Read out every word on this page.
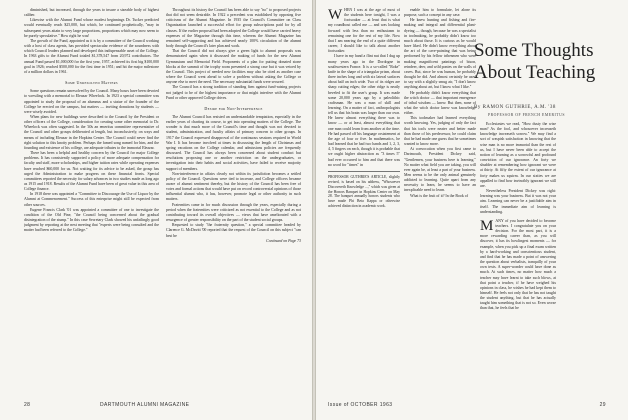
diminished, but increased, through the years to insure a sizeable body of highest caliber.

Likewise with the Alumni Fund whose modest beginnings Dr. Tucker predicted would eventually reach $25,000, but which, he continued prophetically, "may in subsequent years attain to very large proportions, proportions which may now seem to be purely speculative." How right he was!

The growth of the Fund, appointed as it is by a committee of the Council working with a host of class agents, has provided spectacular evidence of the soundness with which Council leaders planned and developed this indispensable asset of the College. In 1963 gifts to the Alumni Fund totaled $1,378,547 from 20,972 contributors. The annual Fund passed $1,000,000 for the first year, 1957, achieved its first big $100,000 goal in 1926; reached $500,000 for the first time in 1951; and hit the major milestone of a million dollars in 1961.

Some Unresolved Matters

Some questions remain unresolved by the Council. Many hours have been devoted to wrestling with a memorial to Eleazar Wheelock. In 1923 a special committee was appointed to study the proposal of an alumnus and a statue of the founder of the College be erected on the campus, but matters — inviting donations by students — were wisely avoided.

When plans for new buildings were described to the Council by the President or other officers of the College, consideration for creating some other memorial to Dr. Wheelock was often suggested. In the '40s an emeritus committee representative of the Council and other groups deliberated at length, but inconclusively, on ways and means of including Eleazar in the Hopkins Center. The Council could never find the right solution to this knotty problem. Perhaps the famed song named for him, and the founding and existence of his college, are adequate tributes to the immortal Eleazar.

There has been a helpful and healthy concern by the Council for major College problems. It has consistently supported a policy of more adequate compensation for faculty and staff, more scholarships, and higher tuition rates while operating expenses have reached $60,000 for us. Not waiting for its advice to be asked, the group has urged the Administration to make progress on these financial fronts. Special committees reported the necessity for salary advances in two studies made as long ago as 1915 and 1918. Results of the Alumni Fund have been of great value in this area of College finance.

In 1918 there was appointed a "Committee to Discourage the Use of Liquor by the Alumni at Commencement." Success of this enterprise might still be expected from other sources.

Eugene Francis Clark '01 was appointed a committee of one to investigate the condition of the Old Pine, "the Council being concerned about the gradual disintegration of the stump." In this case Secretary Clark showed his unfailingly good judgment by reporting at the next meeting that "experts were being consulted and the matter had been referred to the College."

Throughout its history the Council has been able to say "no" to proposed projects that did not seem desirable. In 1922 a precedent was established by opposing five criticisms of the Alumni Magazine. In 1935 the Council's Committee on Class Organization launched a successful effort for group subscriptions paid for by all classes. If the earlier proposal had been adopted the College would have carried heavy expenses of the Magazine through this time, whereas the Alumni Magazine has remained self-supporting and has achieved nearly 100% circulation of the alumni body through the Council's later plan and work.

That the Council did not always give a green light to alumni proposals was demonstrated again when it discussed the making of funds for the new Alumni Gymnasium and Memorial Field. Proponents of a plan for putting donated stone blocks at the summit of the trophy room presented a strong case but it was vetoed by the Council. This project of needed new facilities may also be cited as another case where the Council went ahead to solve a problem without asking the College or anyone else to meet the need. The necessary substantial funds were secured.

The Council has a strong tradition of standing firm against fund-raising projects not judged to be of the highest importance or that might interfere with the Alumni Fund or other approved College drives.

Desire for Non-Interference

The Alumni Council has resisted an understandable temptation, especially in the earlier years of charting its course, to get into operating matters of the College. The wonder is that much more of the Council's time and thought was not devoted to student, administration, and faculty affairs of primary concern to other groups. In 1917 the Council expressed disapproval of the continuous sessions required in World War I. It has become involved at times in discussing the length of Christmas and spring vacations on the College calendar, and admissions policies are frequently discussed. The Council has always been concerned about student conduct but resolutions proposing one or another restriction on the undergraduates, or investigation into their habits and social activities, have failed to receive majority support of members.

Non-interference in affairs clearly not within its jurisdiction becomes a settled policy of the Council. Questions were tied to increase, and College officers became aware of alumni sentiment thereby, but the history of the Council has been free of votes and formal actions that would have put on record controversial opinions of those influential alumni who, it has, however, promote legal or other authority in such matters.

Fraternities came in for much discussion through the years, especially during a period when the fraternities were criticized as not essential to the College and as not contributing toward its overall objectives — views that have ameliorated with a resurgence of greater responsibility on the part of the student social groups.

Requested to study "the fraternity question," a special committee headed by Clarence G. McDavitt '00 reported that the request of the Council on this subject "can best be

Continued on Page 73

28	DARTMOUTH ALUMNI MAGAZINE

WHEN I was at the age of most of the students here tonight, I was a footsoaker — at least that is what my roundhout called me — and was looking forward with less than no enthusiasm to remaining one for the rest of my life. Now that I am nearing the end of a quite different career, I should like to talk about another footsoaker.

I have in my hand a flint nut that I dug up many years ago in the Dordogne in southwestern France. It is a so-called "Roke" knife in the shape of a triangular prism, about three inches long and with six lateral surfaces about half an inch wide. Two of its ridges are sharp cutting edges; the other ridge is neatly beveled to fit the user's grasp. It was made some 20,000 years ago by a paleolithic craftsman. He was a man of skill and learning. On a matter of fact, anthropologists tell us that his brain was larger than our own. He knew almost everything there was to know — or at least, almost everything that one man could learn from another at the time. He had passed off his language orstatement at the age of four or five. In mathematics, he had learned that he had two hands and 1, 2, 3, 4, 5 fingers on each, though it is probable that we ought higher abstraction as "3 times 5" had ever occurred to him and that there was no word for "times" in

PROFESSOR GUTHRIE'S ARTICLE, slightly revised, is based on his address, "Whosoever Discovereth Knowledge ...," which was given at the Honors Banquet in Hopkins Center on May 28. The banquet annually honors students who have made Phi Beta Kappa or otherwise achieved distinction in academic work.

enable him to formulate, let alone its purpose, such a concept in any case.

He knew hunting and fishing and fire-making and integral and differential plant-dyeing — though, because he was a specialist in toolmaking, he probably didn't know too much about those. It is curious as he would have liked. He didn't know everything about the art of the cave-painting that was being performed by his fellow tribesmen who were making magnificent paintings of bison, reindeer, deer, and wild ponies on the walls of caves. But, since he was human, he probably thought he did. And almost certainly he used to say with a slightly smug air, "I don't know anything about art, but I know what I like."

He probably didn't know everything that the witch doctor — that important emergence of tribal wisdom — knew. But then, none of what the witch doctor knew was knowledge either.

This toolmaker had learned everything worth knowing. Yes, judging of only the fact that his tools were neater and better made than those of his predecessor, he could claim that he had made one guess that he sometimes wanted to know more.

At convocation when you first came to Dartmouth, President Dickey said, "Gentlemen, your business here is learning." No matter what field you are taking, you will ever again be, at least a part of your business. Men seems to be the only animal genuinely addicted to learning. Quite apart from any necessity to learn, he seems to have an inexplicable need to learn.

What is the fruit of it? In the Book of

Ecclesiastes we read, "How dusty the wise man? As the fool, and whosoever increaseth knowledge increaseth sorrow." We may find a sort of waspish satisfaction in knowing that the wise man is no more immortal than the rest of us, but I have never been able to accept the notion of learning as a sorrowful and profound conviction of our ignorance. An forty we shudder at remembering how ignorant we were at thirty. At fifty the extent of our ignorance at forty makes us squirm. In our sixties we are appalled to find how invincibly ignorant we still are.

Nevertheless President Dickey was right: learning was your business. But it was not your aim. Learning can never be a justifiable aim in itself. The immediate aim of learning is understanding.

MANY of you have decided to become teachers. I congratulate you on your decision. For the most part, it is a more rewarding career than, as you will discover, it has its howlingest moments — for example, when you pick up a final exam written by a hard-working and conscientious student, and find that he has made a point of answering the question about verbalists, tranquilly of your own texts. A super-wonder could have done as much. At such times, no matter how much a teacher may have learnt to take such blows, at that point a teacher, if he have weighed his opinions in class, he wishes he had kept them to himself. He feels not only that he has not taught the student anything, but that he has actually taught him something that is not so. Even worse than that, he feels that he

Issue of OCTOBER 1963	29
Some Thoughts
About Teaching
By RAMON GUTHRIE, A.M. '38
PROFESSOR OF FRENCH EMERITUS
